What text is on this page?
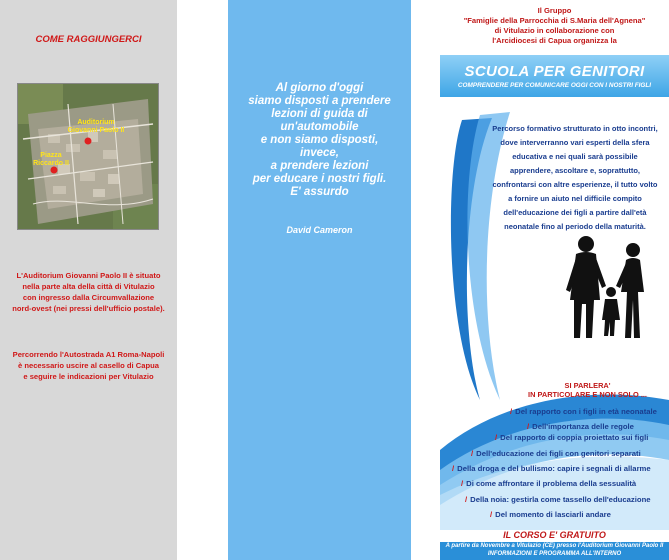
COME RAGGIUNGERCI
Auditorium
Giovanni Paolo II
Piazza
Riccardo II
L'Auditorium Giovanni Paolo II è situato
nella parte alta della città di Vitulazio
con ingresso dalla Circumvallazione
nord-ovest (nei pressi dell'ufficio postale).
Percorrendo l'Autostrada A1 Roma-Napoli
è necessario uscire al casello di Capua
e seguire le indicazioni per Vitulazio
Al giorno d'oggi
siamo disposti a prendere
lezioni di guida di
un'automobile
e non siamo disposti,
invece,
a prendere lezioni
per educare i nostri figli.
E' assurdo
David Cameron
Il Gruppo
"Famiglie della Parrocchia di S.Maria dell'Agnena"
di Vitulazio in collaborazione con
l'Arcidiocesi di Capua organizza la
SCUOLA PER GENITORI
COMPRENDERE PER COMUNICARE OGGI CON I NOSTRI FIGLI
Percorso formativo strutturato in otto incontri,
dove interverranno vari esperti della sfera
educativa e nei quali sarà possibile
apprendere, ascoltare e, soprattutto,
confrontarsi con altre esperienze, il tutto volto
a fornire un aiuto nel difficile compito
dell'educazione dei figli a partire dall'età
neonatale fino al periodo della maturità.
SI PARLERA'
IN PARTICOLARE E NON SOLO ...
/ Del rapporto con i figli in età neonatale
/ Dell'importanza delle regole
/ Del rapporto di coppia proiettato sui figli
/ Dell'educazione dei figli con genitori separati
/ Della droga e del bullismo: capire i segnali di allarme
/ Di come affrontare il problema della sessualità
/ Della noia: gestirla come tassello dell'educazione
/ Del momento di lasciarli andare
IL CORSO E' GRATUITO
A partire da Novembre a Vitulazio (CE) presso l'Auditorium Giovanni Paolo II
INFORMAZIONI E PROGRAMMA ALL'INTERNO
